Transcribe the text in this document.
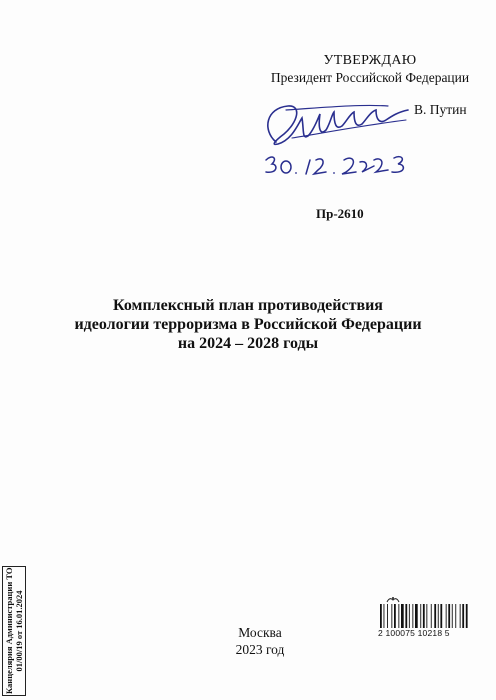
УТВЕРЖДАЮ
Президент Российской Федерации
В. Путин
Пр-2610
Комплексный план противодействия
идеологии терроризма в Российской Федерации
на 2024 – 2028 годы
Канцелярия Администрации ТО 01/00/19 от 16.01.2024	Москва
2023 год
2 100075 10218 5
